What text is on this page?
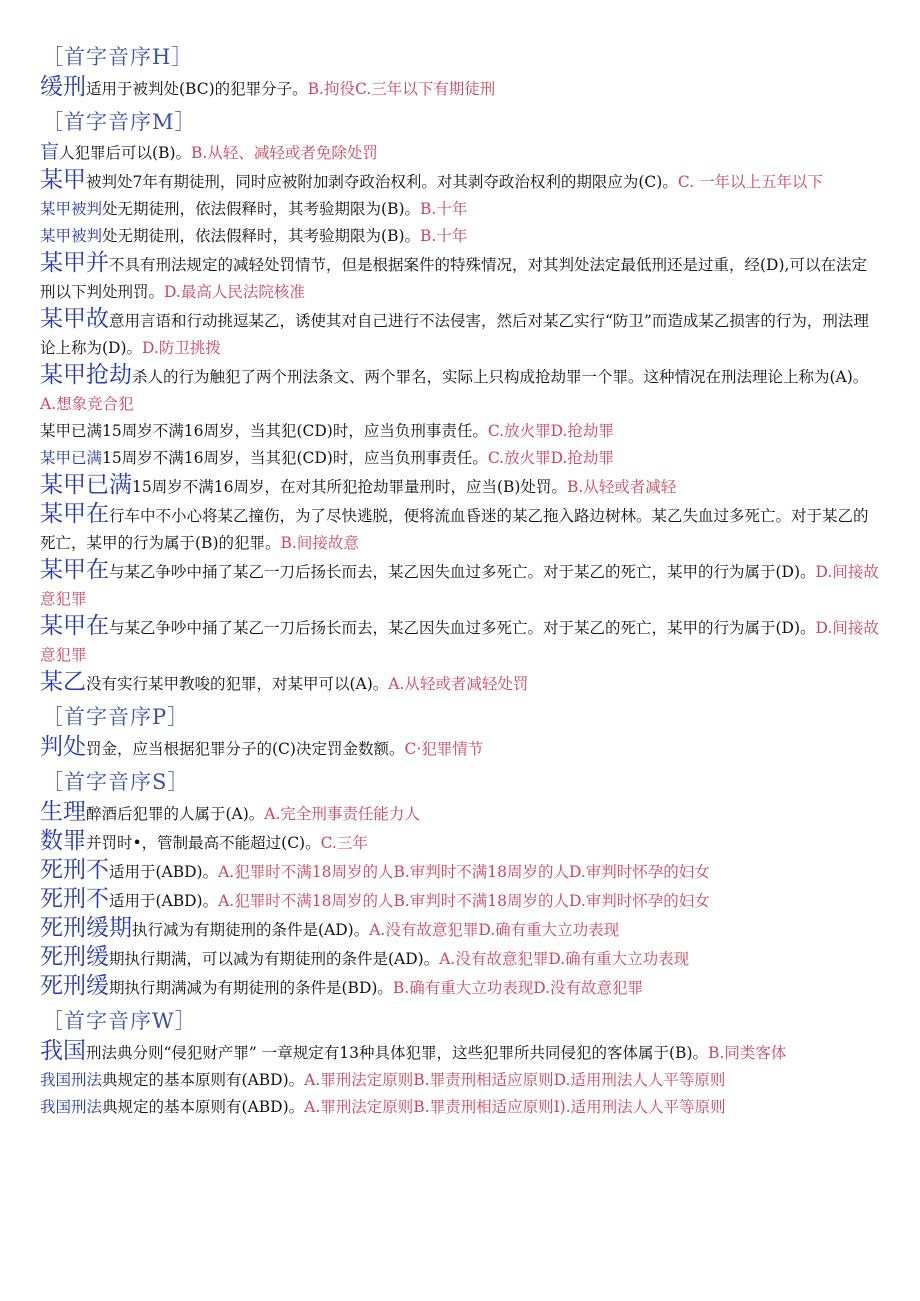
［首字音序H］

缓刑适用于被判处(BC)的犯罪分子。B.拘役C.三年以下有期徒刑

［首字音序M］

盲人犯罪后可以(B)。B.从轻、减轻或者免除处罚

某甲被判处7年有期徒刑，同时应被附加剥夺政治权利。对其剥夺政治权利的期限应为(C)。C. 一年以上五年以下

某甲被判处无期徒刑，依法假释时，其考验期限为(B)。B.十年

某甲被判处无期徒刑，依法假释时，其考验期限为(B)。B.十年

某甲并不具有刑法规定的减轻处罚情节，但是根据案件的特殊情况，对其判处法定最低刑还是过重，经(D),可以在法定刑以下判处刑罚。D.最高人民法院核准

某甲故意用言语和行动挑逗某乙，诱使其对自己进行不法侵害，然后对某乙实行“防卫”而造成某乙损害的行为，刑法理论上称为(D)。D.防卫挑拨

某甲抢劫杀人的行为触犯了两个刑法条文、两个罪名，实际上只构成抢劫罪一个罪。这种情况在刑法理论上称为(A)。A.想象竞合犯

某甲已满15周岁不满16周岁，当其犯(CD)时，应当负刑事责任。C.放火罪D.抢劫罪

某甲已满15周岁不满16周岁，当其犯(CD)时，应当负刑事责任。C.放火罪D.抢劫罪

某甲已满15周岁不满16周岁，在对其所犯抢劫罪量刑时，应当(B)处罚。B.从轻或者减轻

某甲在行车中不小心将某乙撞伤，为了尽快逃脱，便将流血昏迷的某乙拖入路边树林。某乙失血过多死亡。对于某乙的死亡，某甲的行为属于(B)的犯罪。B.间接故意

某甲在与某乙争吵中捅了某乙一刀后扬长而去，某乙因失血过多死亡。对于某乙的死亡，某甲的行为属于(D)。D.间接故意犯罪

某甲在与某乙争吵中捅了某乙一刀后扬长而去，某乙因失血过多死亡。对于某乙的死亡，某甲的行为属于(D)。D.间接故意犯罪

某乙没有实行某甲教唆的犯罪，对某甲可以(A)。A.从轻或者减轻处罚

［首字音序P］

判处罚金，应当根据犯罪分子的(C)决定罚金数额。C·犯罪情节

［首字音序S］

生理醉酒后犯罪的人属于(A)。A.完全刑事责任能力人

数罪并罚时•，管制最高不能超过(C)。C.三年

死刑不适用于(ABD)。A.犯罪时不满18周岁的人B.审判时不满18周岁的人D.审判时怀孕的妇女

死刑不适用于(ABD)。A.犯罪时不满18周岁的人B.审判时不满18周岁的人D.审判时怀孕的妇女

死刑缓期执行减为有期徒刑的条件是(AD)。A.没有故意犯罪D.确有重大立功表现

死刑缓期执行期满，可以减为有期徒刑的条件是(AD)。A.没有故意犯罪D.确有重大立功表现

死刑缓期执行期满减为有期徒刑的条件是(BD)。B.确有重大立功表现D.没有故意犯罪

［首字音序W］

我国刑法典分则“侵犯财产罪” 一章规定有13种具体犯罪，这些犯罪所共同侵犯的客体属于(B)。B.同类客体

我国刑法典规定的基本原则有(ABD)。A.罪刑法定原则B.罪责刑相适应原则D.适用刑法人人平等原则

我国刑法典规定的基本原则有(ABD)。A.罪刑法定原则B.罪责刑相适应原则I).适用刑法人人平等原则
